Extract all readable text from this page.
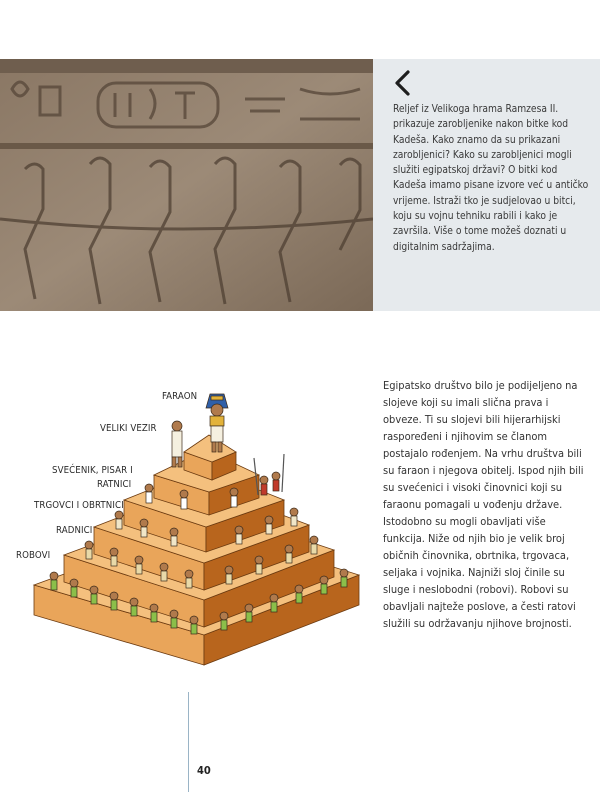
Reljef iz Velikoga hrama Ramzesa II. prikazuje zarobljenike nakon bitke kod Kadeša. Kako znamo da su prikazani zarobljenici? Kako su zarobljenici mogli služiti egipatskoj državi? O bitki kod Kadeša imamo pisane izvore već u antičko vrijeme. Istraži tko je sudjelovao u bitci, koju su vojnu tehniku rabili i kako je završila. Više o tome možeš doznati u digitalnim sadržajima.

FARAON
VELIKI VEZIR
SVEĆENIK, PISAR I
RATNICI
TRGOVCI I OBRTNICI
RADNICI
ROBOVI

Egipatsko društvo bilo je podijeljeno na slojeve koji su imali slična prava i obveze. Ti su slojevi bili hijerarhijski raspoređeni i njihovim se članom postajalo rođenjem. Na vrhu društva bili su faraon i njegova obitelj. Ispod njih bili su svećenici i visoki činovnici koji su faraonu pomagali u vođenju države. Istodobno su mogli obavljati više funkcija. Niže od njih bio je velik broj običnih činovnika, obrtnika, trgovaca, seljaka i vojnika. Najniži sloj činile su sluge i neslobodni (robovi). Robovi su obavljali najteže poslove, a česti ratovi služili su održavanju njihove brojnosti.

40
